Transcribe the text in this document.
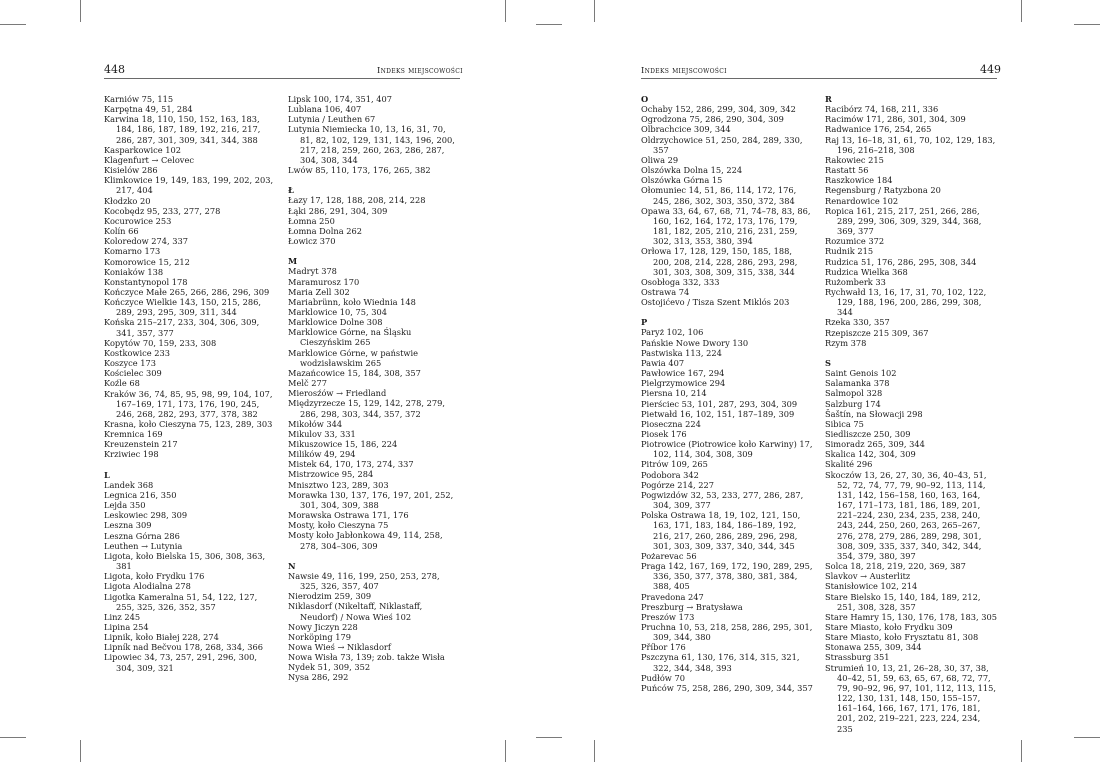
448	Indeks miejscowości
Karniów 75, 115
Karpętna 49, 51, 284
Karwina 18, 110, 150, 152, 163, 183, 184, 186, 187, 189, 192, 216, 217, 286, 287, 301, 309, 341, 344, 388
Kasparkowice 102
Klagenfurt → Celovec
Kisielów 286
Klimkowice 19, 149, 183, 199, 202, 203, 217, 404
Kłodzko 20
Kocobędz 95, 233, 277, 278
Kocurowice 253
Kolín 66
Koloredow 274, 337
Komarno 173
Komorowice 15, 212
Koniaków 138
Konstantynopol 178
Kończyce Małe 265, 266, 286, 296, 309
Kończyce Wielkie 143, 150, 215, 286, 289, 293, 295, 309, 311, 344
Końska 215–217, 233, 304, 306, 309, 341, 357, 377
Kopytów 70, 159, 233, 308
Kostkowice 233
Koszyce 173
Kościelec 309
Koźle 68
Kraków 36, 74, 85, 95, 98, 99, 104, 107, 167–169, 171, 173, 176, 190, 245, 246, 268, 282, 293, 377, 378, 382
Krasna, koło Cieszyna 75, 123, 289, 303
Kremnica 169
Kreuzenstein 217
Krziwiec 198
L
Landek 368
Legnica 216, 350
Lejda 350
Leskowiec 298, 309
Leszna 309
Leszna Górna 286
Leuthen → Lutynia
Ligota, koło Bielska 15, 306, 308, 363, 381
Ligota, koło Frydku 176
Ligota Alodialna 278
Ligotka Kameralna 51, 54, 122, 127, 255, 325, 326, 352, 357
Linz 245
Lipina 254
Lipnik, koło Białej 228, 274
Lipník nad Bečvou 178, 268, 334, 366
Lipowiec 34, 73, 257, 291, 296, 300, 304, 309, 321
Lipsk 100, 174, 351, 407
Lublana 106, 407
Lutynia / Leuthen 67
Lutynia Niemiecka 10, 13, 16, 31, 70, 81, 82, 102, 129, 131, 143, 196, 200, 217, 218, 259, 260, 263, 286, 287, 304, 308, 344
Lwów 85, 110, 173, 176, 265, 382
Ł
Łazy 17, 128, 188, 208, 214, 228
Łąki 286, 291, 304, 309
Łomna 250
Łomna Dolna 262
Łowicz 370
M
Madryt 378
Maramurosz 170
Maria Zell 302
Mariabrünn, koło Wiednia 148
Marklowice 10, 75, 304
Marklowice Dolne 308
Marklowice Górne, na Śląsku Cieszyńskim 265
Marklowice Górne, w państwie wodzisławskim 265
Mazańcowice 15, 184, 308, 357
Melč 277
Mierosźów → Friedland
Międzyrzecze 15, 129, 142, 278, 279, 286, 298, 303, 344, 357, 372
Mikołów 344
Mikulov 33, 331
Mikuszowice 15, 186, 224
Milików 49, 294
Mistek 64, 170, 173, 274, 337
Mistrzowice 95, 284
Mnisztwo 123, 289, 303
Morawka 130, 137, 176, 197, 201, 252, 301, 304, 309, 388
Morawska Ostrawa 171, 176
Mosty, koło Cieszyna 75
Mosty koło Jabłonkowa 49, 114, 258, 278, 304–306, 309
N
Nawsie 49, 116, 199, 250, 253, 278, 325, 326, 357, 407
Nierodzim 259, 309
Niklasdorf (Nikeltaff, Niklastaff, Neudorf) / Nowa Wieś 102
Nowy Jiczyn 228
Norköping 179
Nowa Wieś → Niklasdorf
Nowa Wisła 73, 139; zob. także Wisła
Nydek 51, 309, 352
Nysa 286, 292
Indeks miejscowości	449
O
Ochaby 152, 286, 299, 304, 309, 342
Ogrodzona 75, 286, 290, 304, 309
Olbrachcice 309, 344
Oldrzychowice 51, 250, 284, 289, 330, 357
Oliwa 29
Olszówka Dolna 15, 224
Olszówka Górna 15
Ołomuniec 14, 51, 86, 114, 172, 176, 245, 286, 302, 303, 350, 372, 384
Opawa 33, 64, 67, 68, 71, 74–78, 83, 86, 160, 162, 164, 172, 173, 176, 179, 181, 182, 205, 210, 216, 231, 259, 302, 313, 353, 380, 394
Orłowa 17, 128, 129, 150, 185, 188, 200, 208, 214, 228, 286, 293, 298, 301, 303, 308, 309, 315, 338, 344
Osobłoga 332, 333
Ostrawa 74
Ostojićevo / Tisza Szent Miklós 203
P
Paryż 102, 106
Pańskie Nowe Dwory 130
Pastwiska 113, 224
Pawia 407
Pawłowice 167, 294
Pielgrzymowice 294
Piersna 10, 214
Pierściec 53, 101, 287, 293, 304, 309
Pietwałd 16, 102, 151, 187–189, 309
Pioseczna 224
Piosek 176
Piotrowice (Piotrowice koło Karwiny) 17, 102, 114, 304, 308, 309
Pitrów 109, 265
Podobora 342
Pogórze 214, 227
Pogwizdów 32, 53, 233, 277, 286, 287, 304, 309, 377
Polska Ostrawa 18, 19, 102, 121, 150, 163, 171, 183, 184, 186–189, 192, 216, 217, 260, 286, 289, 296, 298, 301, 303, 309, 337, 340, 344, 345
Pożarevac 56
Praga 142, 167, 169, 172, 190, 289, 295, 336, 350, 377, 378, 380, 381, 384, 388, 405
Pravedona 247
Preszburg → Bratysława
Preszów 173
Pruchna 10, 53, 218, 258, 286, 295, 301, 309, 344, 380
Příbor 176
Pszczyna 61, 130, 176, 314, 315, 321, 322, 344, 348, 393
Pudłów 70
Puńców 75, 258, 286, 290, 309, 344, 357
R
Racibórz 74, 168, 211, 336
Racimów 171, 286, 301, 304, 309
Radwanice 176, 254, 265
Raj 13, 16–18, 31, 61, 70, 102, 129, 183, 196, 216–218, 308
Rakowiec 215
Rastatt 56
Raszkowice 184
Regensburg / Ratyzbona 20
Renardowice 102
Ropica 161, 215, 217, 251, 266, 286, 289, 299, 306, 309, 329, 344, 368, 369, 377
Rozumice 372
Rudnik 215
Rudzica 51, 176, 286, 295, 308, 344
Rudzica Wielka 368
Rużomberk 33
Rychwałd 13, 16, 17, 31, 70, 102, 122, 129, 188, 196, 200, 286, 299, 308, 344
Rzeka 330, 357
Rzepiszcze 215 309, 367
Rzym 378
S
Saint Genois 102
Salamanka 378
Salmopol 328
Salzburg 174
Šaštín, na Słowacji 298
Sibica 75
Siedliszcze 250, 309
Simoradz 265, 309, 344
Skalica 142, 304, 309
Skalité 296
Skoczów 13, 26, 27, 30, 36, 40–43, 51, 52, 72, 74, 77, 79, 90–92, 113, 114, 131, 142, 156–158, 160, 163, 164, 167, 171–173, 181, 186, 189, 201, 221–224, 230, 234, 235, 238, 240, 243, 244, 250, 260, 263, 265–267, 276, 278, 279, 286, 289, 298, 301, 308, 309, 335, 337, 340, 342, 344, 354, 379, 380, 397
Solca 18, 218, 219, 220, 369, 387
Slavkov → Austerlitz
Stanisłowice 102, 214
Stare Bielsko 15, 140, 184, 189, 212, 251, 308, 328, 357
Stare Hamry 15, 130, 176, 178, 183, 305
Stare Miasto, koło Frydku 309
Stare Miasto, koło Frysztatu 81, 308
Stonawa 255, 309, 344
Strassburg 351
Strumień 10, 13, 21, 26–28, 30, 37, 38, 40–42, 51, 59, 63, 65, 67, 68, 72, 77, 79, 90–92, 96, 97, 101, 112, 113, 115, 122, 130, 131, 148, 150, 155–157, 161–164, 166, 167, 171, 176, 181, 201, 202, 219–221, 223, 224, 234, 235
